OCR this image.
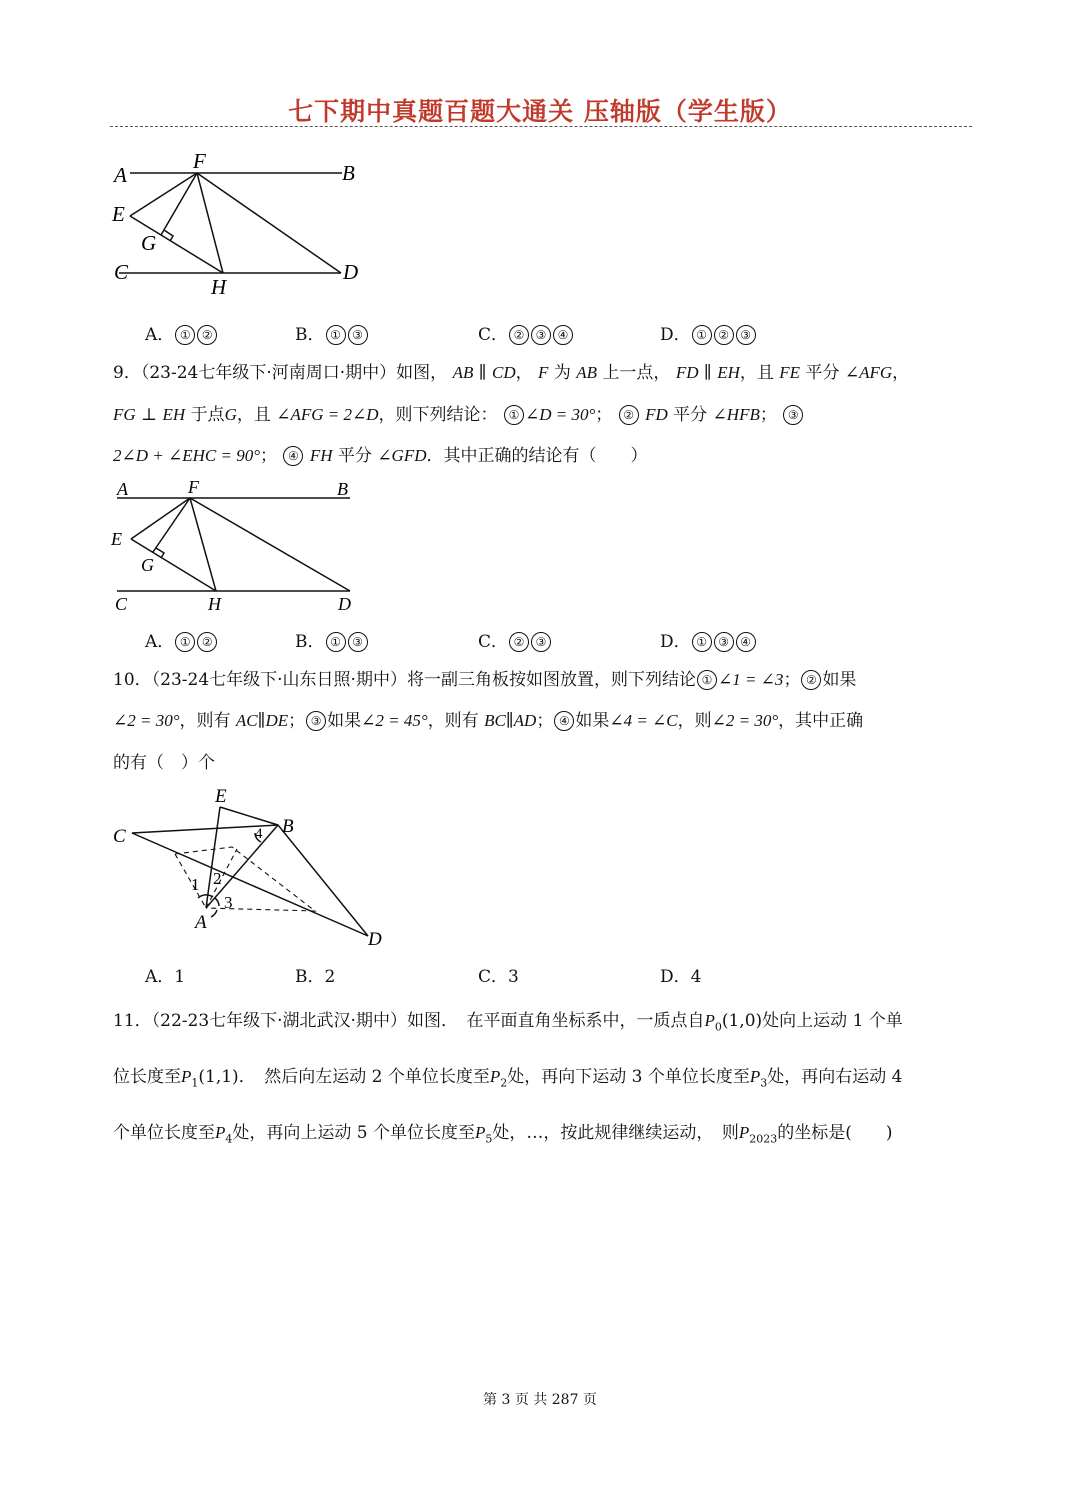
七下期中真题百题大通关 压轴版（学生版）
A
F	B
E
G
C
H
D
A． ① ②	B． ① ③	C． ② ③ ④	D． ① ② ③
9．（23-24七年级下·河南周口·期中）如图， AB ∥ CD， F 为 AB 上一点， FD ∥ EH，且 FE 平分 ∠AFG，
FG ⊥ EH 于点G，且 ∠AFG = 2∠D，则下列结论： ① ∠D = 30°； ② FD 平分 ∠HFB； ③
2∠D + ∠EHC = 90°； ④ FH 平分 ∠GFD．其中正确的结论有（　　）
A	F	B
E
G
C	H	D
A． ① ②	B． ① ③	C． ② ③	D． ① ③ ④
10．（23-24七年级下·山东日照·期中）将一副三角板按如图放置，则下列结论 ① ∠1 = ∠3； ② 如果
∠2 = 30°，则有 AC∥DE； ③ 如果∠2 = 45°，则有 BC∥AD； ④ 如果∠4 = ∠C，则∠2 = 30°，其中正确
的有（　）个
E
C	B
A
D
1 2
3
4
A．1	B．2	C．3	D．4
11．（22-23七年级下·湖北武汉·期中）如图．　在平面直角坐标系中，一质点自$P_0(1,0)$处向上运动 1 个单
位长度至$P_1(1,1)$．　然后向左运动 2 个单位长度至$P_2$处，再向下运动 3 个单位长度至$P_3$处，再向右运动 4
个单位长度至$P_4$处，再向上运动 5 个单位长度至$P_5$处，…，按此规律继续运动，　则$P_{2023}$的坐标是(　　)
第 3 页 共 287 页
